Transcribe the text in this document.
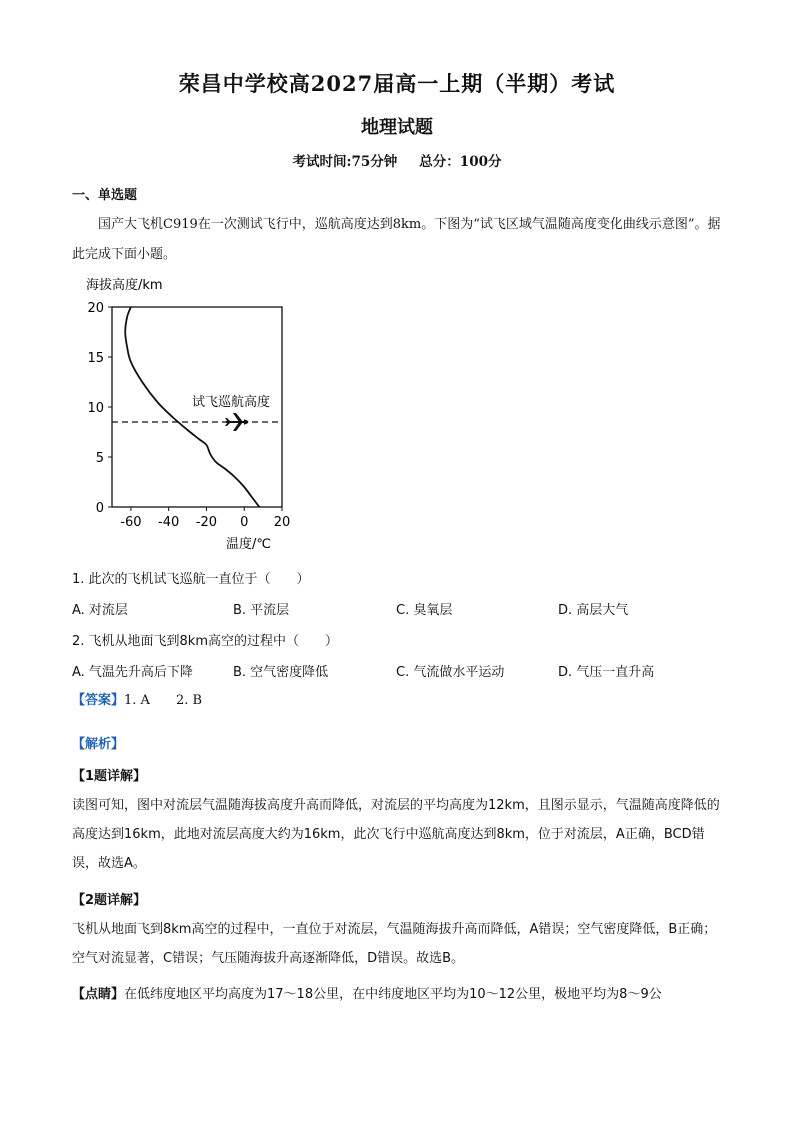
荣昌中学校高2027届高一上期（半期）考试
地理试题
考试时间:75分钟 总分：100分
一、单选题
国产大飞机C919在一次测试飞行中，巡航高度达到8km。下图为“试飞区域气温随高度变化曲线示意图”。据此完成下面小题。
海拔高度/km
-60 -40 -20 0 20
0
5
10
15
20
试飞巡航高度
温度/℃
1. 此次的飞机试飞巡航一直位于（　　）
A. 对流层	B. 平流层	C. 臭氧层	D. 高层大气
2. 飞机从地面飞到8km高空的过程中（　　）
A. 气温先升高后下降	B. 空气密度降低	C. 气流做水平运动	D. 气压一直升高
【答案】1. A　　2. B
【解析】
【1题详解】
读图可知，图中对流层气温随海拔高度升高而降低，对流层的平均高度为12km，且图示显示，气温随高度降低的高度达到16km，此地对流层高度大约为16km，此次飞行中巡航高度达到8km，位于对流层，A正确，BCD错误，故选A。
【2题详解】
飞机从地面飞到8km高空的过程中，一直位于对流层，气温随海拔升高而降低，A错误；空气密度降低，B正确；空气对流显著，C错误；气压随海拔升高逐渐降低，D错误。故选B。
【点睛】在低纬度地区平均高度为17～18公里，在中纬度地区平均为10～12公里，极地平均为8～9公
